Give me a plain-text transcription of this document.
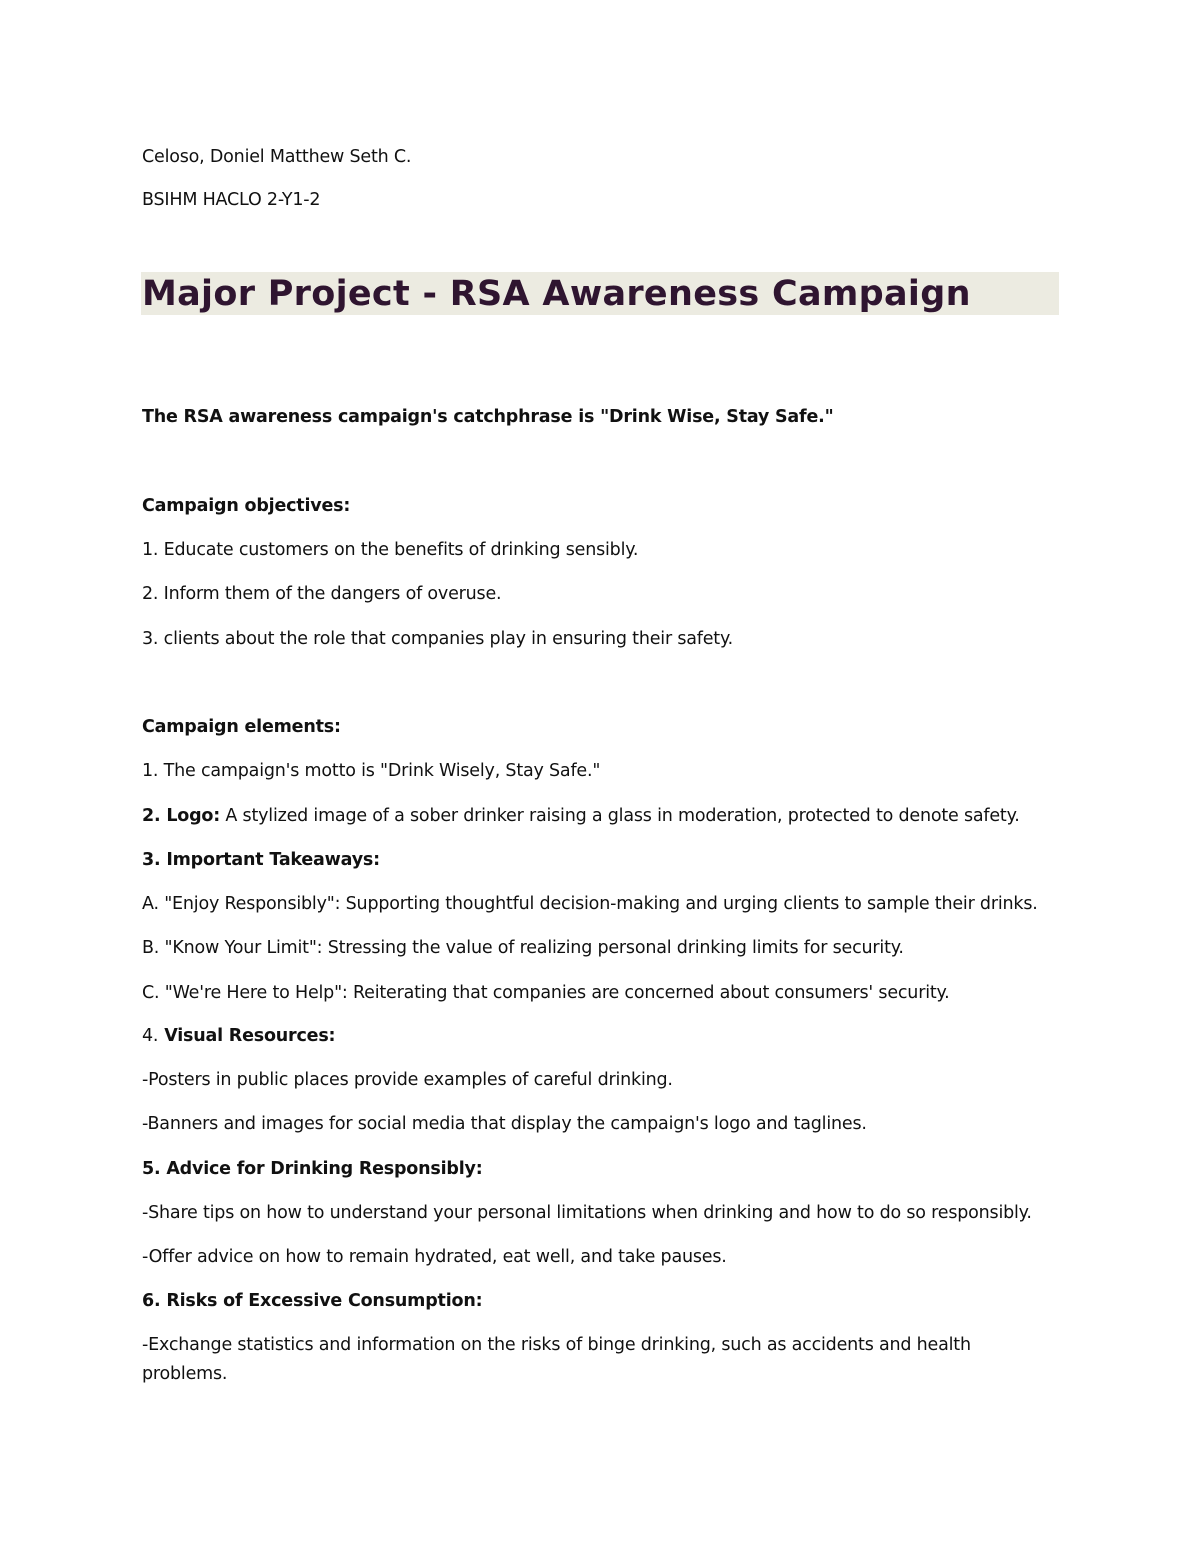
Celoso, Doniel Matthew Seth C.
BSIHM HACLO 2-Y1-2
Major Project - RSA Awareness Campaign
The RSA awareness campaign's catchphrase is "Drink Wise, Stay Safe."
Campaign objectives:
1. Educate customers on the benefits of drinking sensibly.
2. Inform them of the dangers of overuse.
3. clients about the role that companies play in ensuring their safety.
Campaign elements:
1. The campaign's motto is "Drink Wisely, Stay Safe."
2. Logo: A stylized image of a sober drinker raising a glass in moderation, protected to denote safety.
3. Important Takeaways:
A. "Enjoy Responsibly": Supporting thoughtful decision-making and urging clients to sample their drinks.
B. "Know Your Limit": Stressing the value of realizing personal drinking limits for security.
C. "We're Here to Help": Reiterating that companies are concerned about consumers' security.
4. Visual Resources:
-Posters in public places provide examples of careful drinking.
-Banners and images for social media that display the campaign's logo and taglines.
5. Advice for Drinking Responsibly:
-Share tips on how to understand your personal limitations when drinking and how to do so responsibly.
-Offer advice on how to remain hydrated, eat well, and take pauses.
6. Risks of Excessive Consumption:
-Exchange statistics and information on the risks of binge drinking, such as accidents and health
problems.
